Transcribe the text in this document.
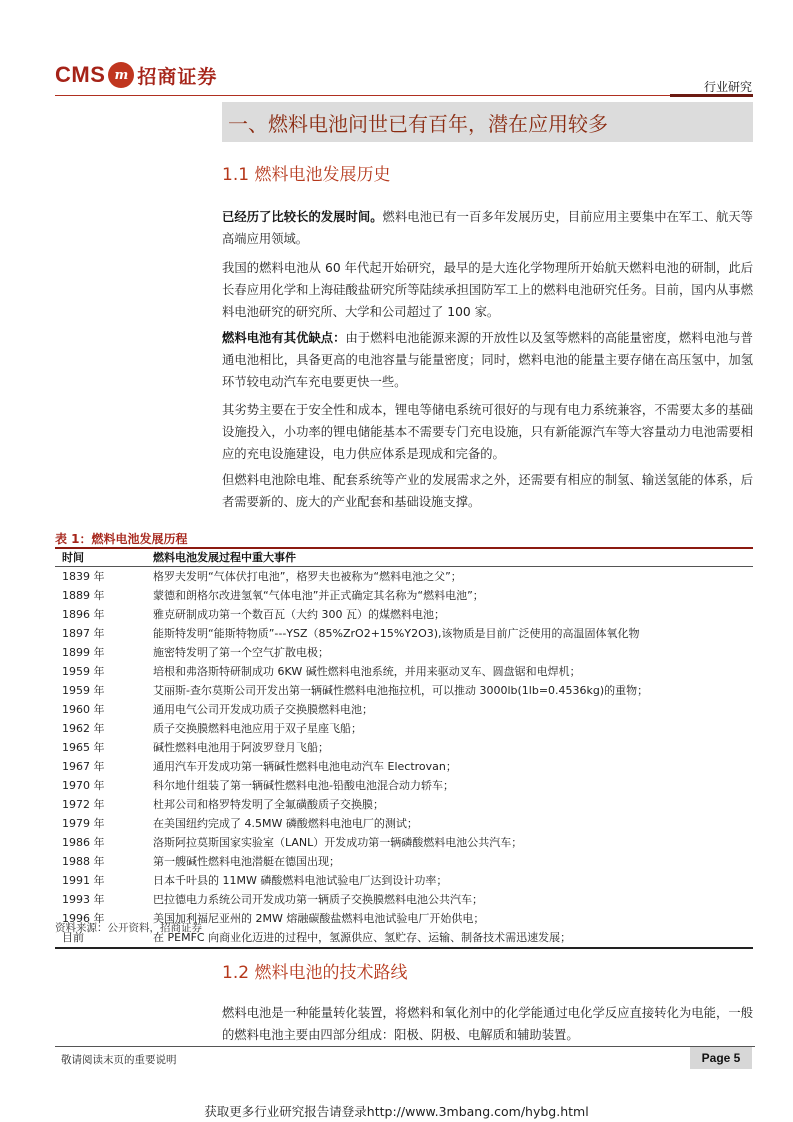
CMS m 招商证券	行业研究
一、燃料电池问世已有百年，潜在应用较多
1.1 燃料电池发展历史
已经历了比较长的发展时间。燃料电池已有一百多年发展历史，目前应用主要集中在军工、航天等高端应用领域。
我国的燃料电池从 60 年代起开始研究，最早的是大连化学物理所开始航天燃料电池的研制，此后长春应用化学和上海硅酸盐研究所等陆续承担国防军工上的燃料电池研究任务。目前，国内从事燃料电池研究的研究所、大学和公司超过了 100 家。
燃料电池有其优缺点：由于燃料电池能源来源的开放性以及氢等燃料的高能量密度，燃料电池与普通电池相比，具备更高的电池容量与能量密度；同时，燃料电池的能量主要存储在高压氢中，加氢环节较电动汽车充电要更快一些。
其劣势主要在于安全性和成本，锂电等储电系统可很好的与现有电力系统兼容，不需要太多的基础设施投入，小功率的锂电储能基本不需要专门充电设施，只有新能源汽车等大容量动力电池需要相应的充电设施建设，电力供应体系是现成和完备的。
但燃料电池除电堆、配套系统等产业的发展需求之外，还需要有相应的制氢、输送氢能的体系，后者需要新的、庞大的产业配套和基础设施支撑。
表 1：燃料电池发展历程
时间	燃料电池发展过程中重大事件

1839 年	格罗夫发明“气体伏打电池”，格罗夫也被称为“燃料电池之父”；
1889 年	蒙德和朗格尔改进氢氧“气体电池”并正式确定其名称为“燃料电池”；
1896 年	雅克研制成功第一个数百瓦（大约 300 瓦）的煤燃料电池；
1897 年	能斯特发明“能斯特物质”---YSZ（85%ZrO2+15%Y2O3),该物质是目前广泛使用的高温固体氧化物
1899 年	施密特发明了第一个空气扩散电极；
1959 年	培根和弗洛斯特研制成功 6KW 碱性燃料电池系统，并用来驱动叉车、圆盘锯和电焊机；
1959 年	艾丽斯-查尔莫斯公司开发出第一辆碱性燃料电池拖拉机，可以推动 3000lb(1lb=0.4536kg)的重物；
1960 年	通用电气公司开发成功质子交换膜燃料电池；
1962 年	质子交换膜燃料电池应用于双子星座飞船；
1965 年	碱性燃料电池用于阿波罗登月飞船；
1967 年	通用汽车开发成功第一辆碱性燃料电池电动汽车 Electrovan；
1970 年	科尔地什组装了第一辆碱性燃料电池-铅酸电池混合动力轿车；
1972 年	杜邦公司和格罗特发明了全氟磺酸质子交换膜；
1979 年	在美国纽约完成了 4.5MW 磷酸燃料电池电厂的测试；
1986 年	洛斯阿拉莫斯国家实验室（LANL）开发成功第一辆磷酸燃料电池公共汽车；
1988 年	第一艘碱性燃料电池潜艇在德国出现；
1991 年	日本千叶县的 11MW 磷酸燃料电池试验电厂达到设计功率；
1993 年	巴拉德电力系统公司开发成功第一辆质子交换膜燃料电池公共汽车；
1996 年	美国加利福尼亚州的 2MW 熔融碳酸盐燃料电池试验电厂开始供电；
目前	在 PEMFC 向商业化迈进的过程中，氢源供应、氢贮存、运输、制备技术需迅速发展；
资料来源：公开资料，招商证券
1.2 燃料电池的技术路线
燃料电池是一种能量转化装置，将燃料和氧化剂中的化学能通过电化学反应直接转化为电能，一般的燃料电池主要由四部分组成：阳极、阴极、电解质和辅助装置。
敬请阅读末页的重要说明	Page 5
获取更多行业研究报告请登录http://www.3mbang.com/hybg.html
